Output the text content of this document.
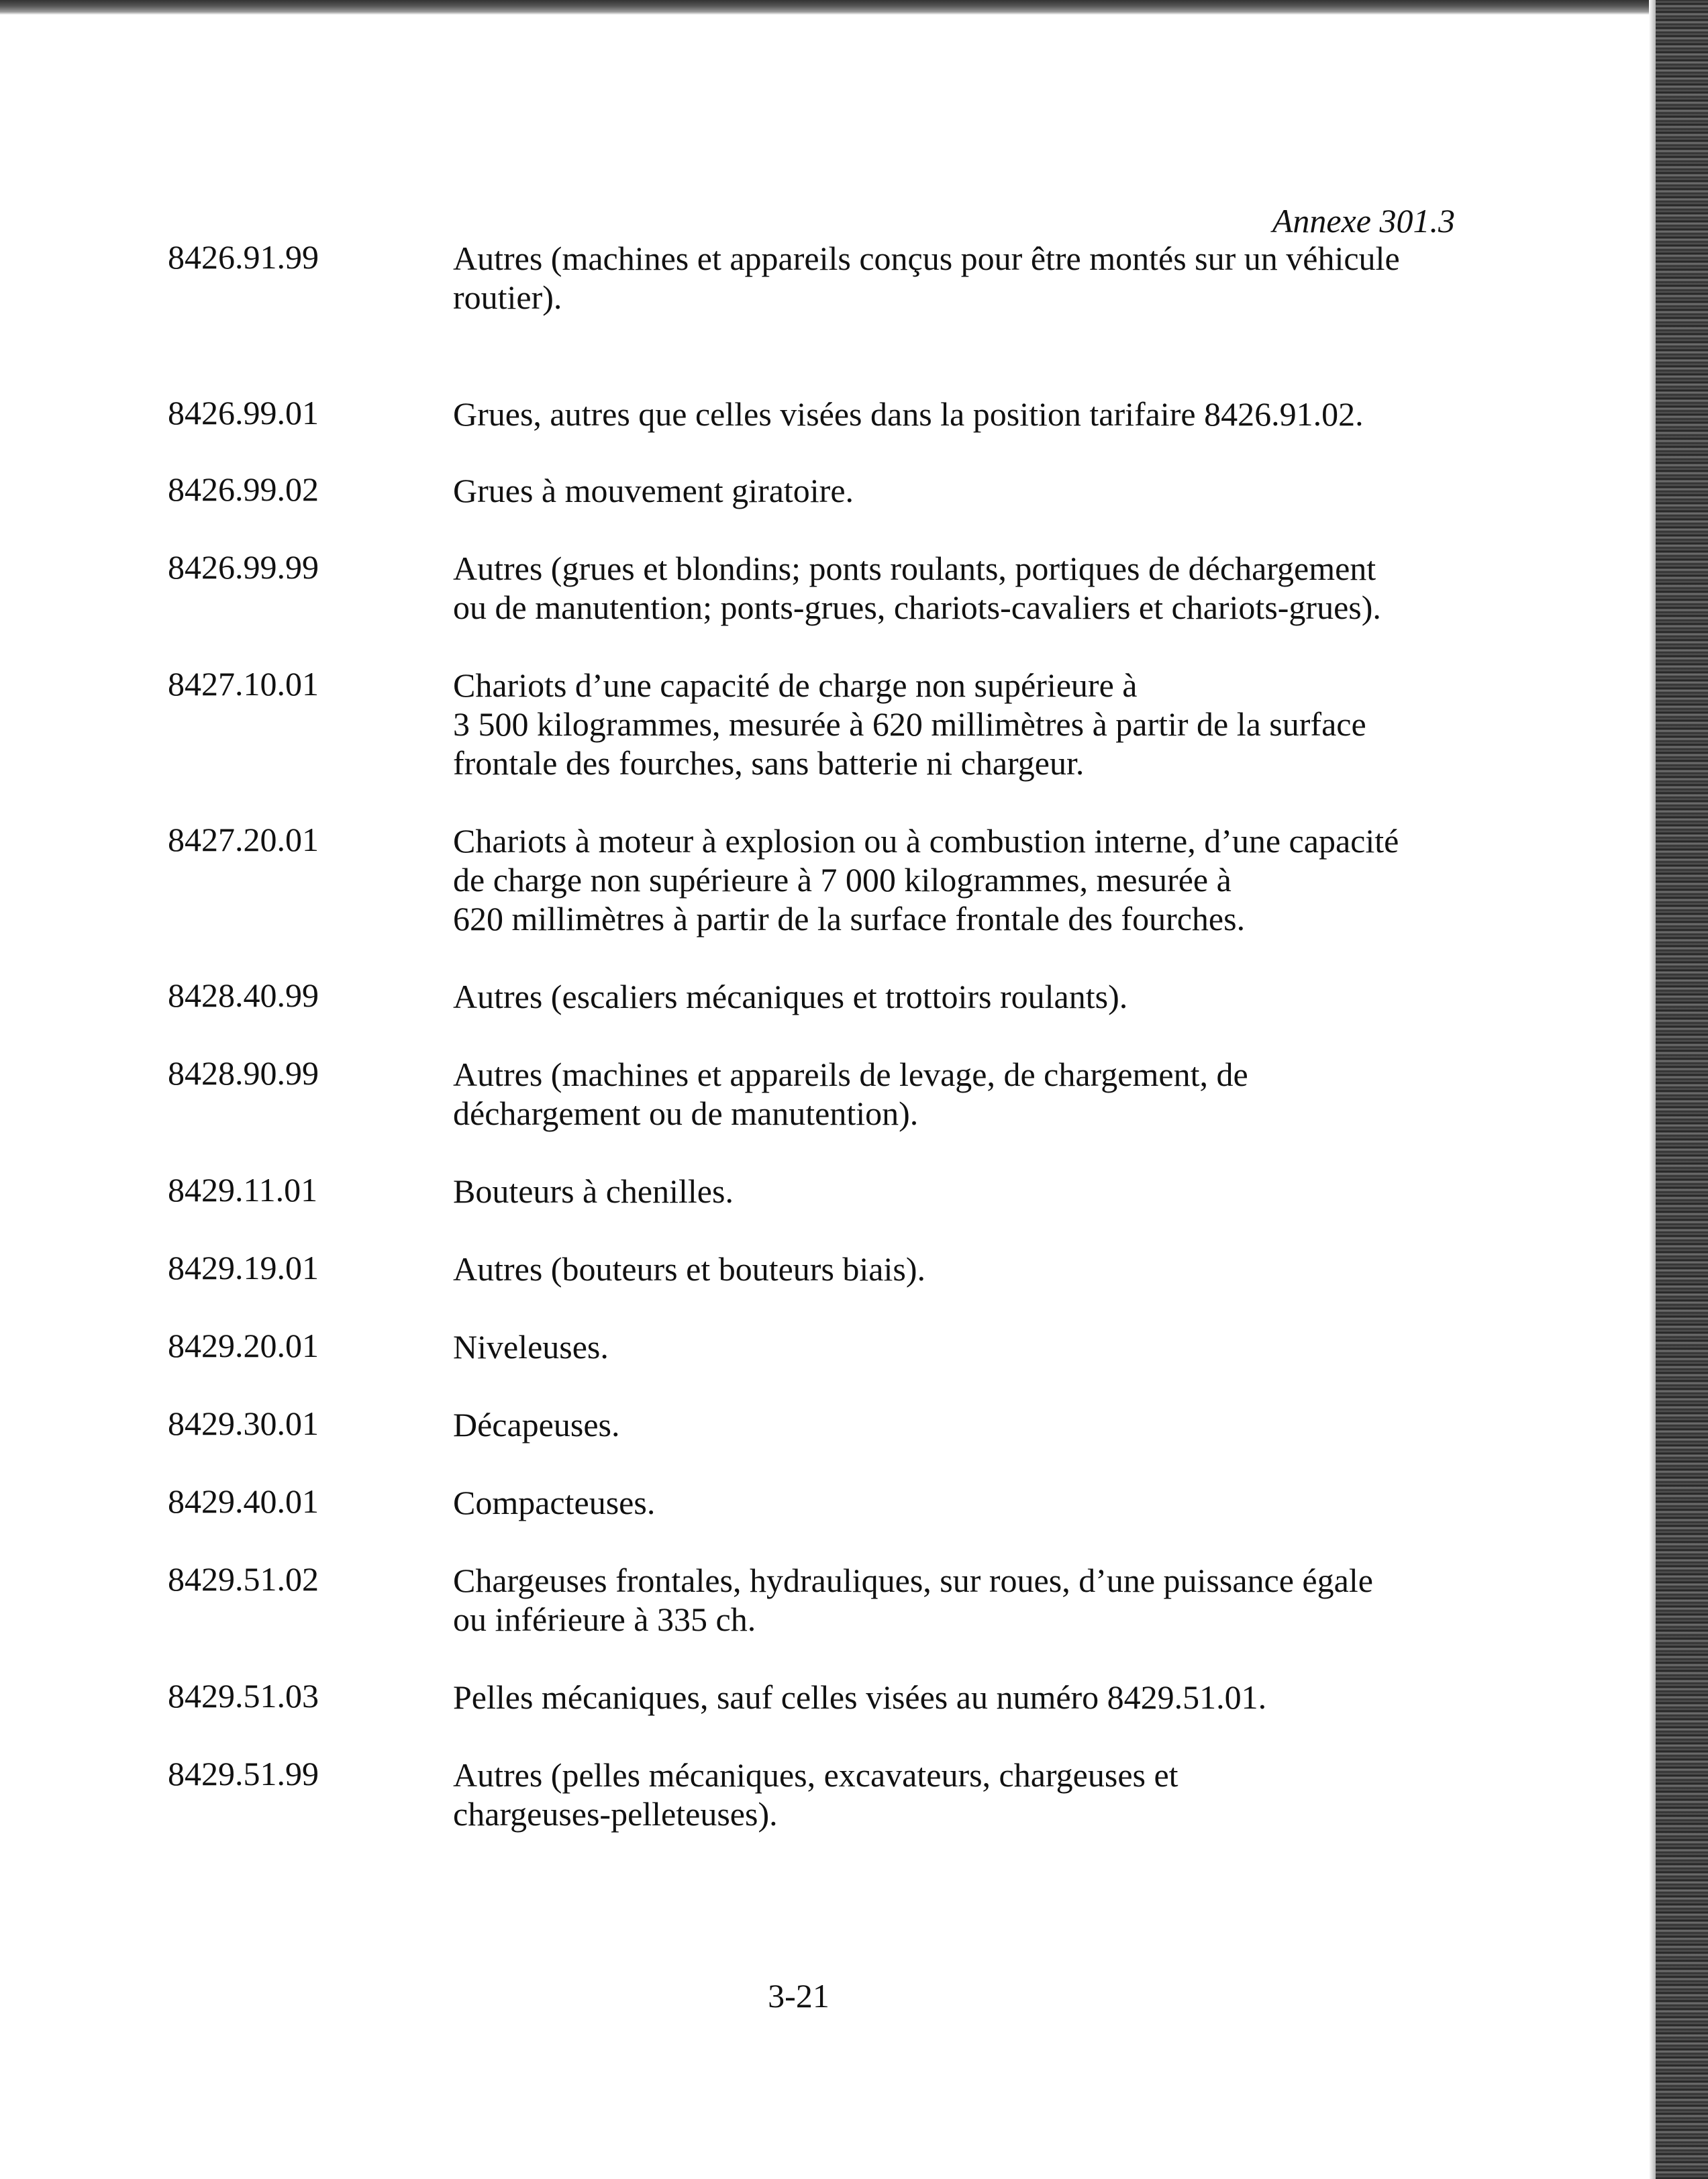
Annexe 301.3
8426.91.99	Autres (machines et appareils conçus pour être montés sur un véhicule
routier).
8426.99.01	Grues, autres que celles visées dans la position tarifaire 8426.91.02.
8426.99.02	Grues à mouvement giratoire.
8426.99.99	Autres (grues et blondins; ponts roulants, portiques de déchargement
ou de manutention; ponts-grues, chariots-cavaliers et chariots-grues).
8427.10.01	Chariots d’une capacité de charge non supérieure à
3 500 kilogrammes, mesurée à 620 millimètres à partir de la surface
frontale des fourches, sans batterie ni chargeur.
8427.20.01	Chariots à moteur à explosion ou à combustion interne, d’une capacité
de charge non supérieure à 7 000 kilogrammes, mesurée à
620 millimètres à partir de la surface frontale des fourches.
8428.40.99	Autres (escaliers mécaniques et trottoirs roulants).
8428.90.99	Autres (machines et appareils de levage, de chargement, de
déchargement ou de manutention).
8429.11.01	Bouteurs à chenilles.
8429.19.01	Autres (bouteurs et bouteurs biais).
8429.20.01	Niveleuses.
8429.30.01	Décapeuses.
8429.40.01	Compacteuses.
8429.51.02	Chargeuses frontales, hydrauliques, sur roues, d’une puissance égale
ou inférieure à 335 ch.
8429.51.03	Pelles mécaniques, sauf celles visées au numéro 8429.51.01.
8429.51.99	Autres (pelles mécaniques, excavateurs, chargeuses et
chargeuses-pelleteuses).
3-21
